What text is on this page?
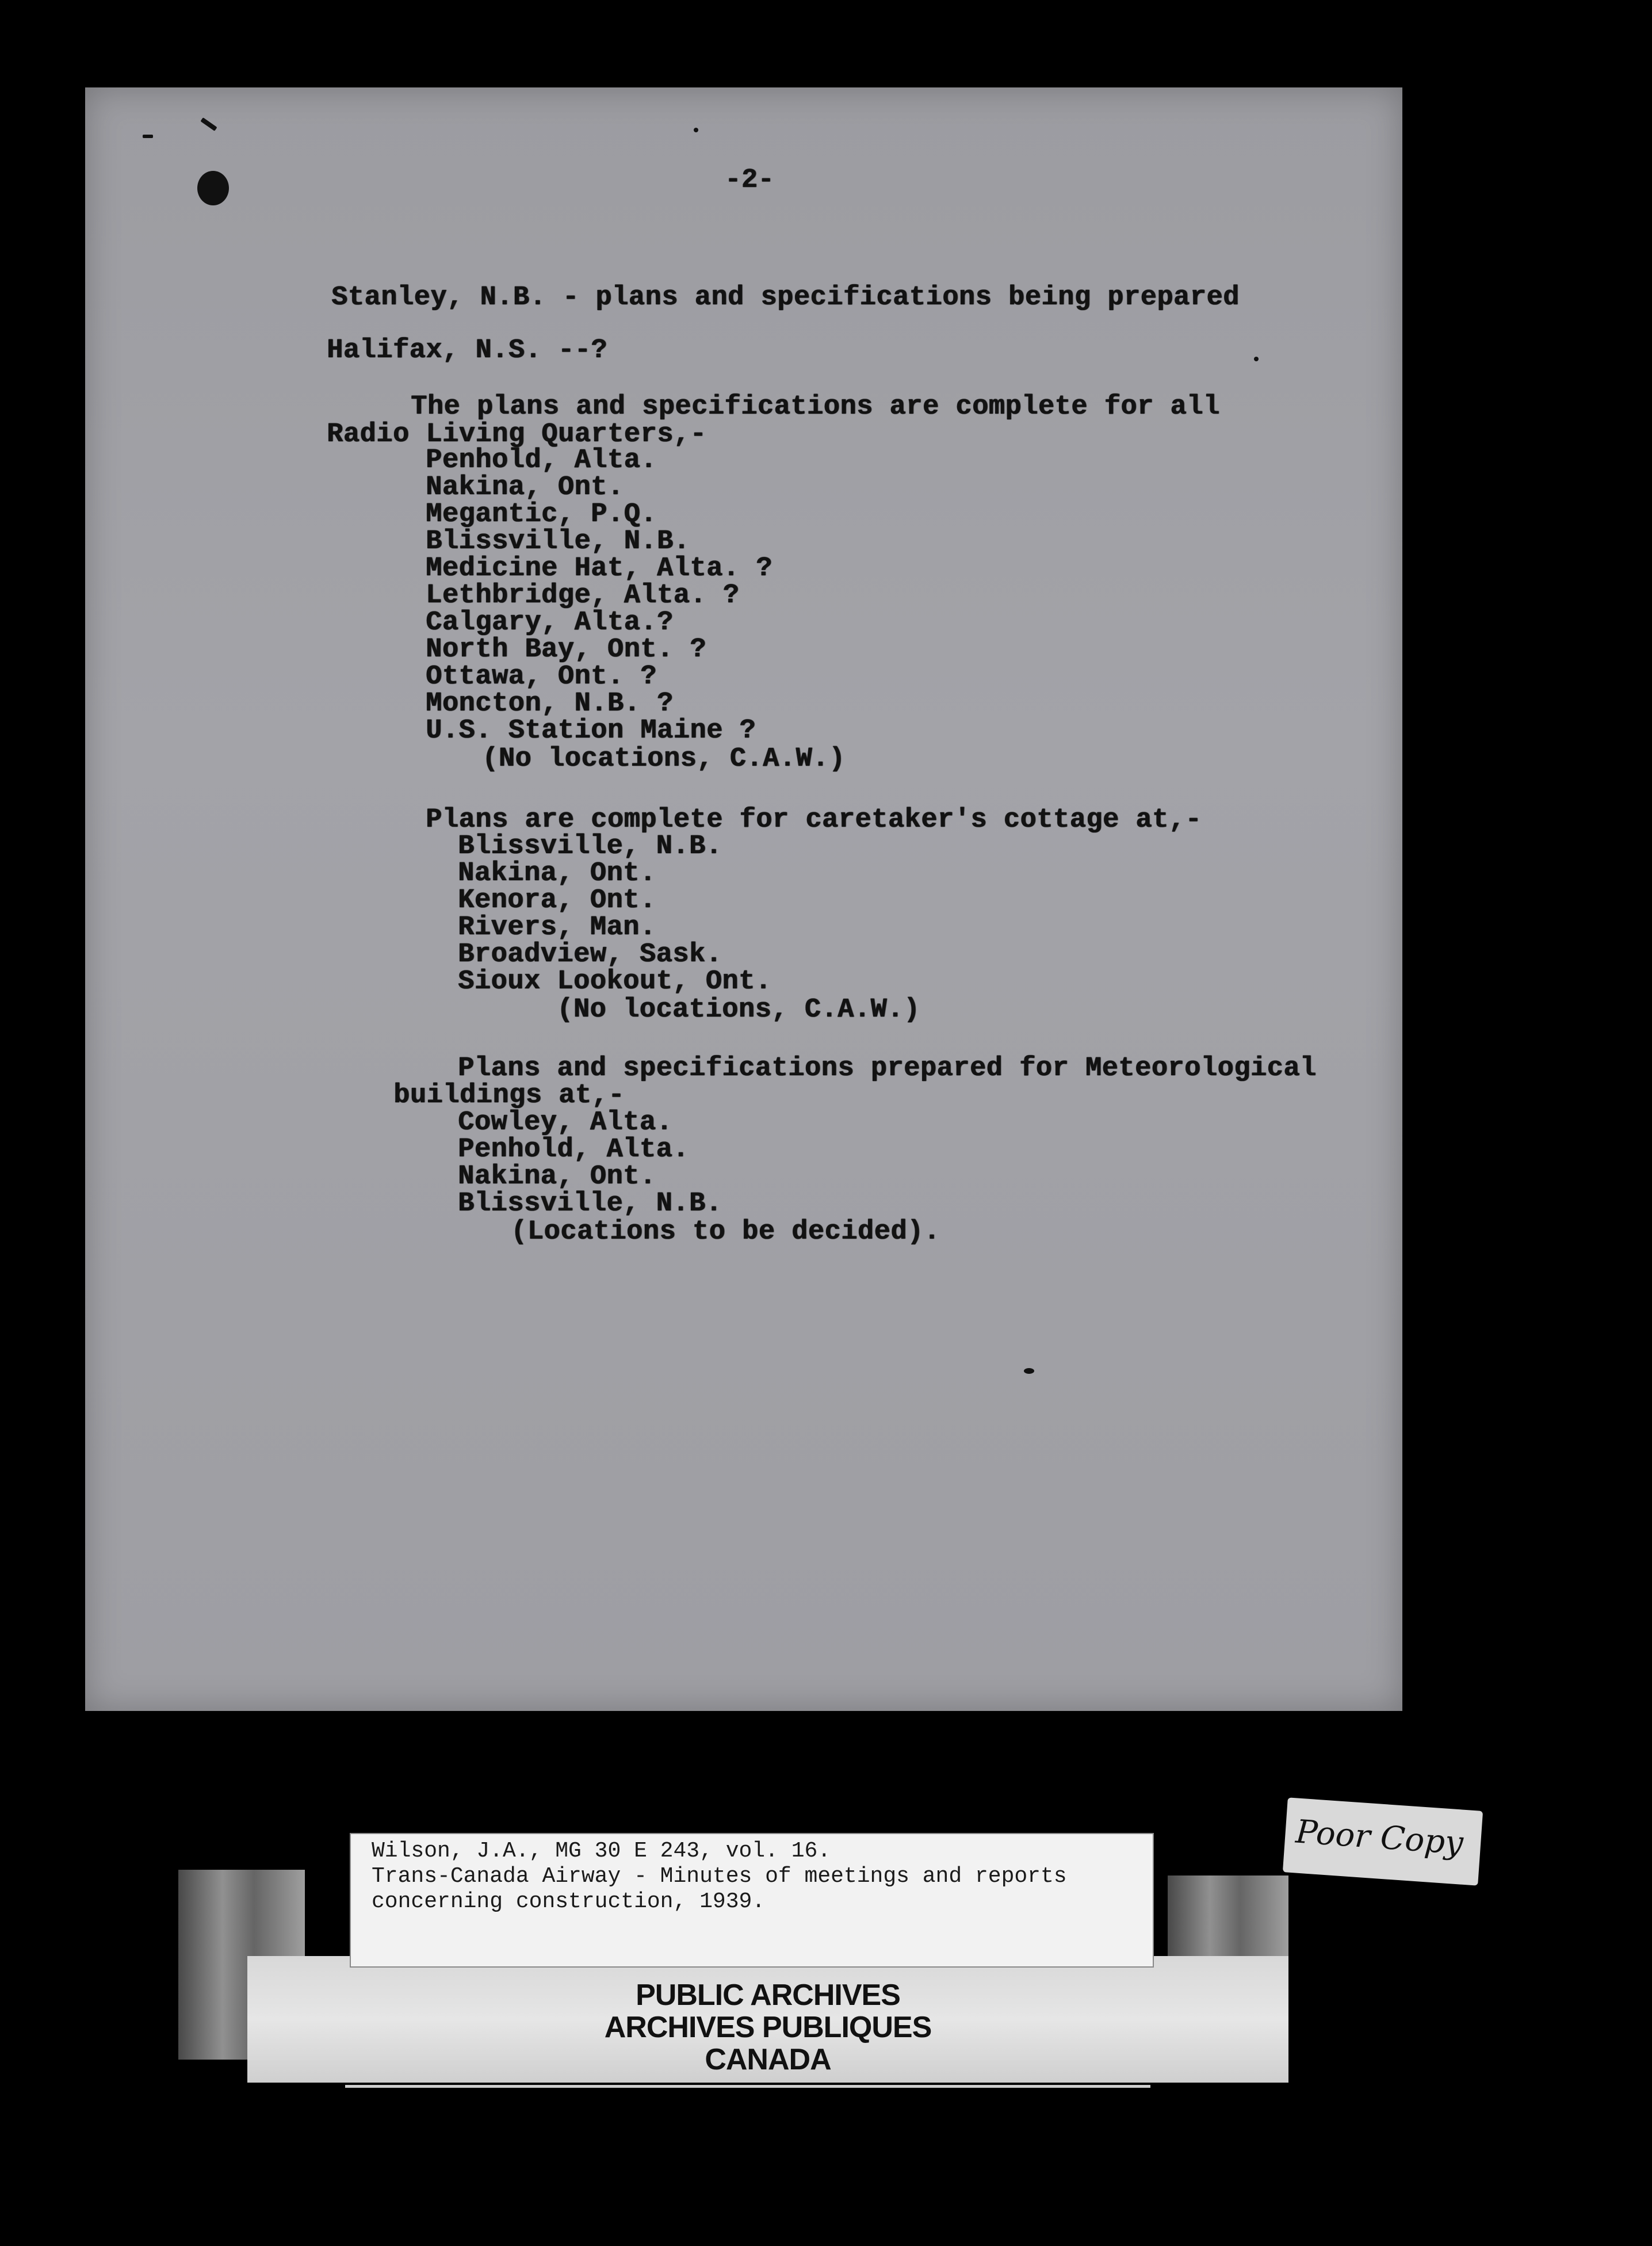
-2-
Stanley, N.B. - plans and specifications being prepared
Halifax, N.S. --?
The plans and specifications are complete for all
Radio Living Quarters,-
Penhold, Alta.
Nakina, Ont.
Megantic, P.Q.
Blissville, N.B.
Medicine Hat, Alta. ?
Lethbridge, Alta. ?
Calgary, Alta.?
North Bay, Ont. ?
Ottawa, Ont. ?
Moncton, N.B. ?
U.S. Station Maine ?
(No locations, C.A.W.)
Plans are complete for caretaker's cottage at,-
Blissville, N.B.
Nakina, Ont.
Kenora, Ont.
Rivers, Man.
Broadview, Sask.
Sioux Lookout, Ont.
(No locations, C.A.W.)
Plans and specifications prepared for Meteorological
buildings at,-
Cowley, Alta.
Penhold, Alta.
Nakina, Ont.
Blissville, N.B.
(Locations to be decided).
PUBLIC ARCHIVES
ARCHIVES PUBLIQUES
CANADA
Wilson, J.A., MG 30 E 243, vol. 16.
Trans-Canada Airway - Minutes of meetings and reports
concerning construction, 1939.
Poor Copy
